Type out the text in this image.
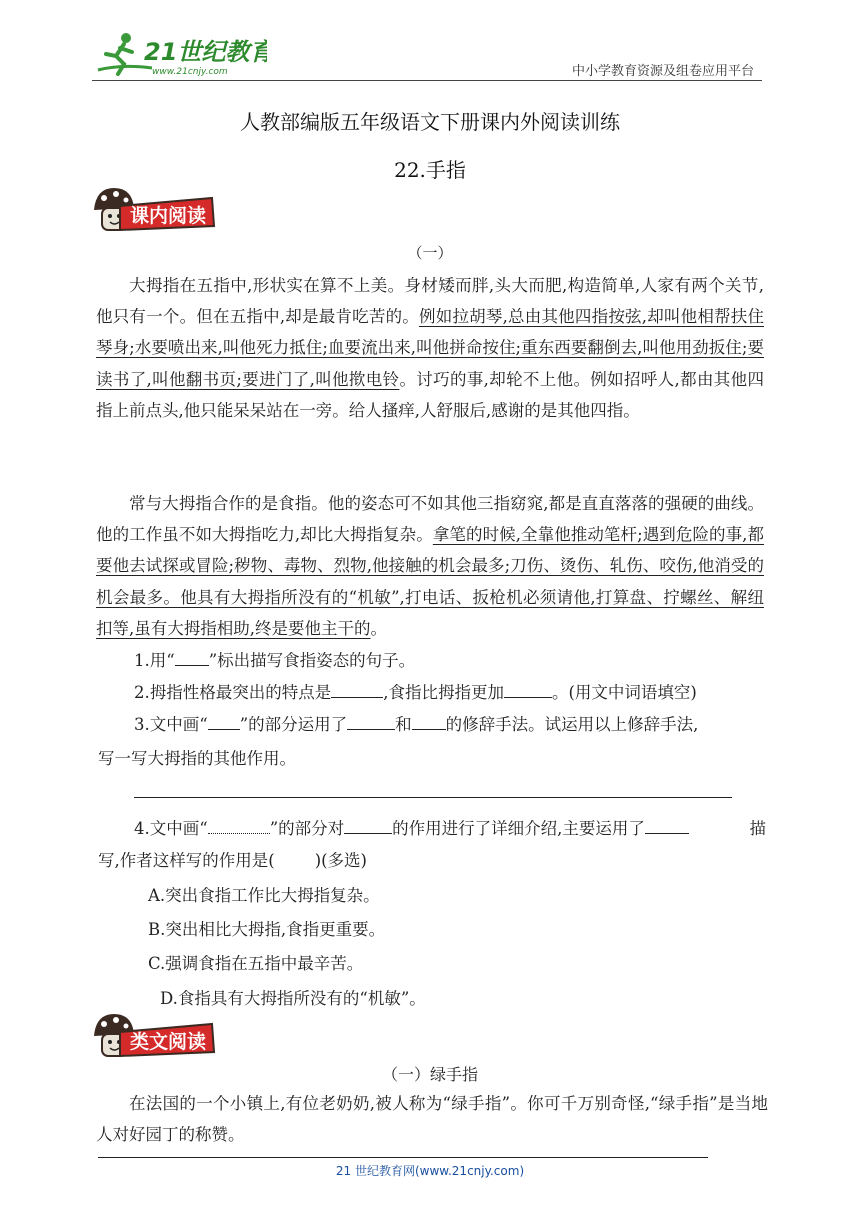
21世纪教育
www.21cnjy.com	中小学教育资源及组卷应用平台
人教部编版五年级语文下册课内外阅读训练
22.手指
课内阅读
（一）
大拇指在五指中,形状实在算不上美。身材矮而胖,头大而肥,构造简单,人家有两个关节,他只有一个。但在五指中,却是最肯吃苦的。例如拉胡琴,总由其他四指按弦,却叫他相帮扶住琴身;水要喷出来,叫他死力抵住;血要流出来,叫他拼命按住;重东西要翻倒去,叫他用劲扳住;要读书了,叫他翻书页;要进门了,叫他揿电铃。讨巧的事,却轮不上他。例如招呼人,都由其他四指上前点头,他只能呆呆站在一旁。给人搔痒,人舒服后,感谢的是其他四指。
常与大拇指合作的是食指。他的姿态可不如其他三指窈窕,都是直直落落的强硬的曲线。他的工作虽不如大拇指吃力,却比大拇指复杂。拿笔的时候,全靠他推动笔杆;遇到危险的事,都要他去试探或冒险;秽物、毒物、烈物,他接触的机会最多;刀伤、烫伤、轧伤、咬伤,他消受的机会最多。他具有大拇指所没有的“机敏”,打电话、扳枪机必须请他,打算盘、拧螺丝、解纽扣等,虽有大拇指相助,终是要他主干的。
1.用“ ”标出描写食指姿态的句子。
2.拇指性格最突出的特点是	,食指比拇指更加	。(用文中词语填空)
3.文中画“ ”的部分运用了	和 的修辞手法。试运用以上修辞手法,
写一写大拇指的其他作用。
4.文中画“	”的部分对	的作用进行了详细介绍,主要运用了	描
写,作者这样写的作用是( )(多选)
A.突出食指工作比大拇指复杂。
B.突出相比大拇指,食指更重要。
C.强调食指在五指中最辛苦。
D.食指具有大拇指所没有的“机敏”。
类文阅读
（一）绿手指
在法国的一个小镇上,有位老奶奶,被人称为“绿手指”。你可千万别奇怪,“绿手指”是当地人对好园丁的称赞。
21 世纪教育网(www.21cnjy.com)
